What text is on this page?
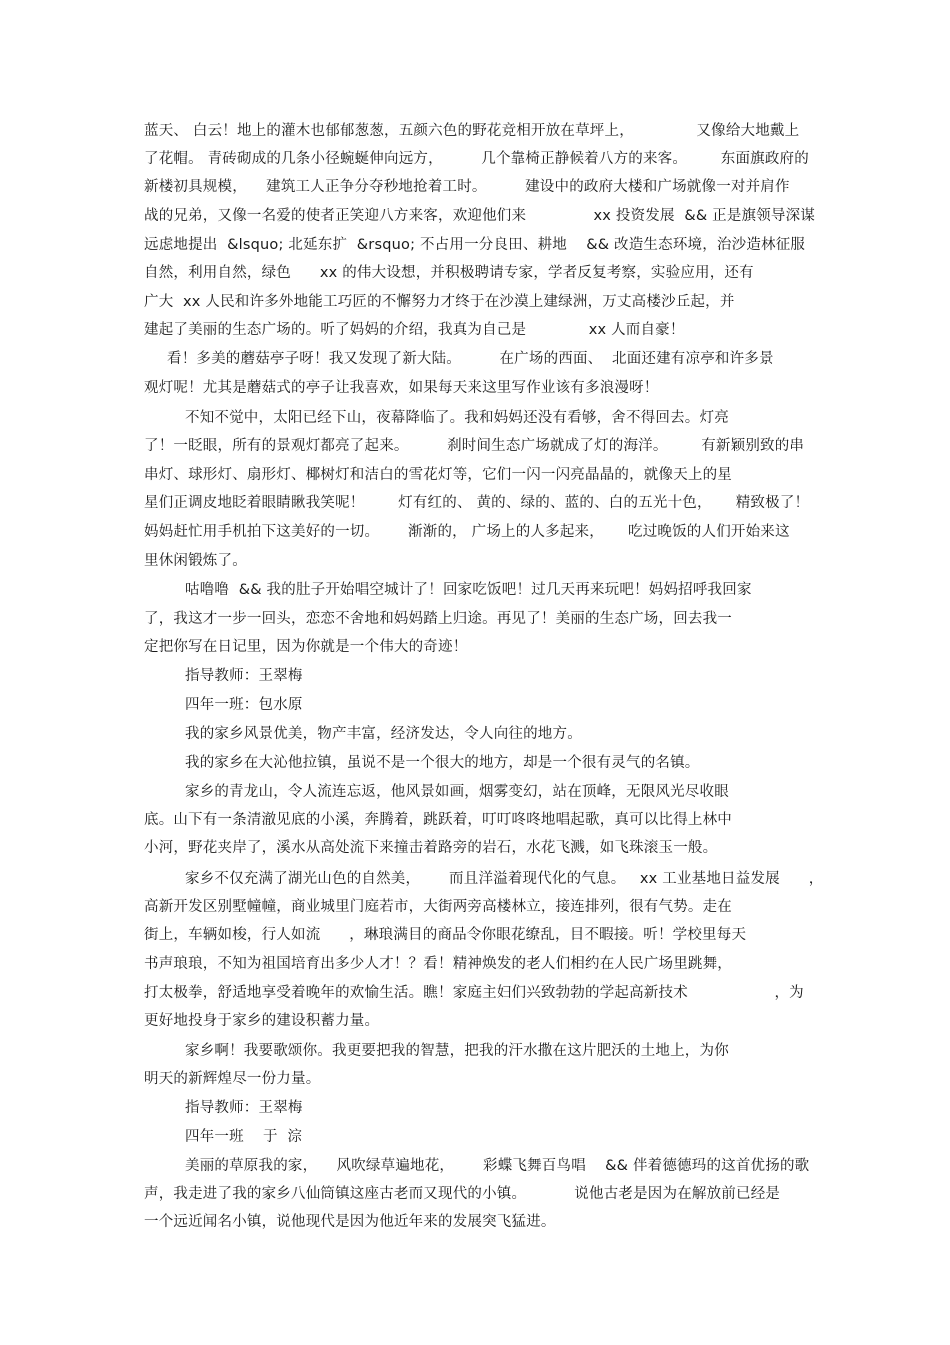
蓝天、 白云！地上的灌木也郁郁葱葱，五颜六色的野花竞相开放在草坪上，             又像给大地戴上
了花帽。 青砖砌成的几条小径蜿蜒伸向远方，        几个靠椅正静候着八方的来客。       东面旗政府的
新楼初具规模，    建筑工人正争分夺秒地抢着工时。        建设中的政府大楼和广场就像一对并肩作
战的兄弟，又像一名爱的使者正笑迎八方来客，欢迎他们来              xx 投资发展  && 正是旗领导深谋
远虑地提出  &lsquo; 北延东扩  &rsquo; 不占用一分良田、耕地    && 改造生态环境，治沙造林征服
自然，利用自然，绿色      xx 的伟大设想，并积极聘请专家，学者反复考察，实验应用，还有
广大  xx 人民和许多外地能工巧匠的不懈努力才终于在沙漠上建绿洲，万丈高楼沙丘起，并
建起了美丽的生态广场的。听了妈妈的介绍，我真为自己是             xx 人而自豪！
看！多美的蘑菇亭子呀！我又发现了新大陆。        在广场的西面、  北面还建有凉亭和许多景
观灯呢！尤其是蘑菇式的亭子让我喜欢，如果每天来这里写作业该有多浪漫呀！
不知不觉中，太阳已经下山，夜幕降临了。我和妈妈还没有看够，舍不得回去。灯亮
了！一眨眼，所有的景观灯都亮了起来。        刹时间生态广场就成了灯的海洋。       有新颖别致的串
串灯、球形灯、扇形灯、椰树灯和洁白的雪花灯等，它们一闪一闪亮晶晶的，就像天上的星
星们正调皮地眨着眼睛瞅我笑呢！       灯有红的、 黄的、绿的、蓝的、白的五光十色，     精致极了！
妈妈赶忙用手机拍下这美好的一切。      渐渐的， 广场上的人多起来，     吃过晚饭的人们开始来这
里休闲锻炼了。
咕噜噜  && 我的肚子开始唱空城计了！回家吃饭吧！过几天再来玩吧！妈妈招呼我回家
了，我这才一步一回头，恋恋不舍地和妈妈踏上归途。再见了！美丽的生态广场，回去我一
定把你写在日记里，因为你就是一个伟大的奇迹！
指导教师：王翠梅
四年一班：包水原
我的家乡风景优美，物产丰富，经济发达，令人向往的地方。
我的家乡在大沁他拉镇，虽说不是一个很大的地方，却是一个很有灵气的名镇。
家乡的青龙山，令人流连忘返，他风景如画，烟雾变幻，站在顶峰，无限风光尽收眼
底。山下有一条清澈见底的小溪，奔腾着，跳跃着，叮叮咚咚地唱起歌，真可以比得上林中
小河，野花夹岸了，溪水从高处流下来撞击着路旁的岩石，水花飞溅，如飞珠滚玉一般。
家乡不仅充满了湖光山色的自然美，      而且洋溢着现代化的气息。   xx 工业基地日益发展      ，
高新开发区别墅幢幢，商业城里门庭若市，大街两旁高楼林立，接连排列，很有气势。走在
街上，车辆如梭，行人如流      ，琳琅满目的商品令你眼花缭乱，目不暇接。听！学校里每天
书声琅琅，不知为祖国培育出多少人才！？看！精神焕发的老人们相约在人民广场里跳舞，
打太极拳，舒适地享受着晚年的欢愉生活。瞧！家庭主妇们兴致勃勃的学起高新技术                  ，为
更好地投身于家乡的建设积蓄力量。
家乡啊！我要歌颂你。我更要把我的智慧，把我的汗水撒在这片肥沃的土地上，为你
明天的新辉煌尽一份力量。
指导教师：王翠梅
四年一班    于  淙
美丽的草原我的家，    风吹绿草遍地花，      彩蝶飞舞百鸟唱    && 伴着德德玛的这首优扬的歌
声，我走进了我的家乡八仙筒镇这座古老而又现代的小镇。          说他古老是因为在解放前已经是
一个远近闻名小镇，说他现代是因为他近年来的发展突飞猛进。
